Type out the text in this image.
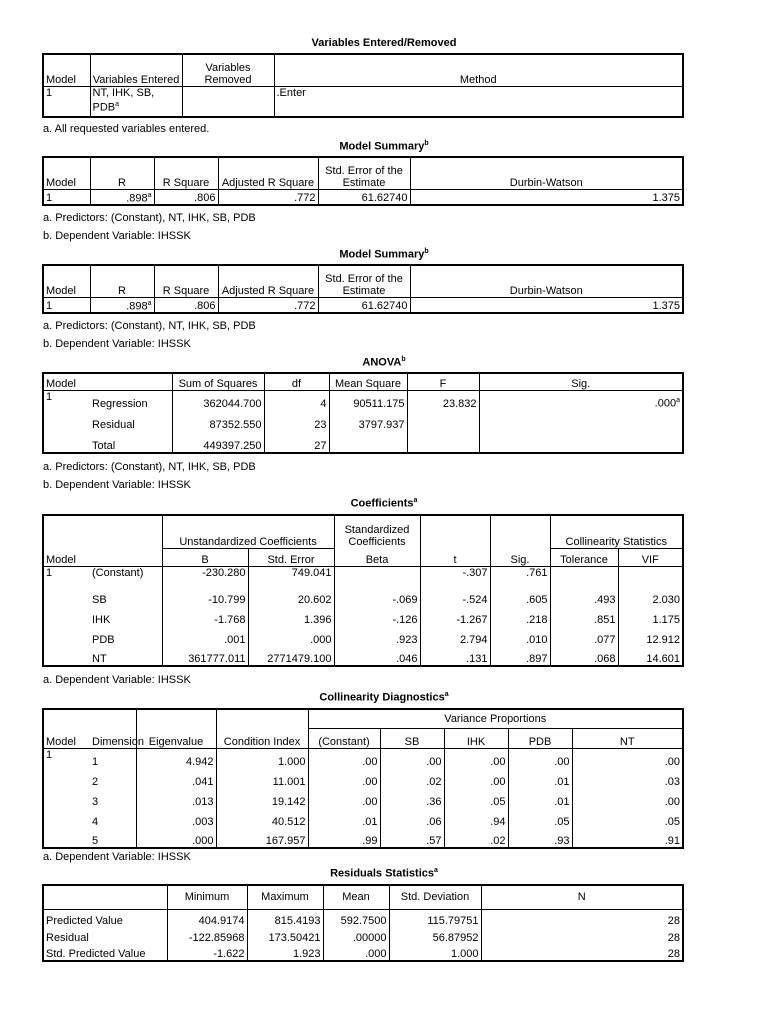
Variables Entered/Removed
Model	Variables Entered	Variables Removed	Method
1	NT, IHK, SB, PDB$^a$		.Enter
a. All requested variables entered.
Model Summary$^b$
Model	R	R Square	Adjusted R Square	Std. Error of the Estimate	Durbin-Watson
1	.898$^a$	.806	.772	61.62740	1.375
a. Predictors: (Constant), NT, IHK, SB, PDB
b. Dependent Variable: IHSSK
Model Summary$^b$
Model	R	R Square	Adjusted R Square	Std. Error of the Estimate	Durbin-Watson
1	.898$^a$	.806	.772	61.62740	1.375
a. Predictors: (Constant), NT, IHK, SB, PDB
b. Dependent Variable: IHSSK
ANOVA$^b$
Model		Sum of Squares	df	Mean Square	F	Sig.
1	Regression	362044.700	4	90511.175	23.832	.000$^a$
	Residual	87352.550	23	3797.937		
	Total	449397.250	27			
a. Predictors: (Constant), NT, IHK, SB, PDB
b. Dependent Variable: IHSSK
Coefficients$^a$
		Unstandardized Coefficients		Standardized Coefficients			Collinearity Statistics	
Model		B	Std. Error	Beta	t	Sig.	Tolerance	VIF
1	(Constant)	-230.280	749.041		-.307	.761		
	SB	-10.799	20.602	-.069	-.524	.605	.493	2.030
	IHK	-1.768	1.396	-.126	-1.267	.218	.851	1.175
	PDB	.001	.000	.923	2.794	.010	.077	12.912
	NT	361777.011	2771479.100	.046	.131	.897	.068	14.601
a. Dependent Variable: IHSSK
Collinearity Diagnostics$^a$
				Variance Proportions				
Model	Dimension	Eigenvalue	Condition Index	(Constant)	SB	IHK	PDB	NT
1	1	4.942	1.000	.00	.00	.00	.00	.00
	2	.041	11.001	.00	.02	.00	.01	.03
	3	.013	19.142	.00	.36	.05	.01	.00
	4	.003	40.512	.01	.06	.94	.05	.05
	5	.000	167.957	.99	.57	.02	.93	.91
a. Dependent Variable: IHSSK
Residuals Statistics$^a$
	Minimum	Maximum	Mean	Std. Deviation	N
Predicted Value	404.9174	815.4193	592.7500	115.79751	28
Residual	-122.85968	173.50421	.00000	56.87952	28
Std. Predicted Value	-1.622	1.923	.000	1.000	28
